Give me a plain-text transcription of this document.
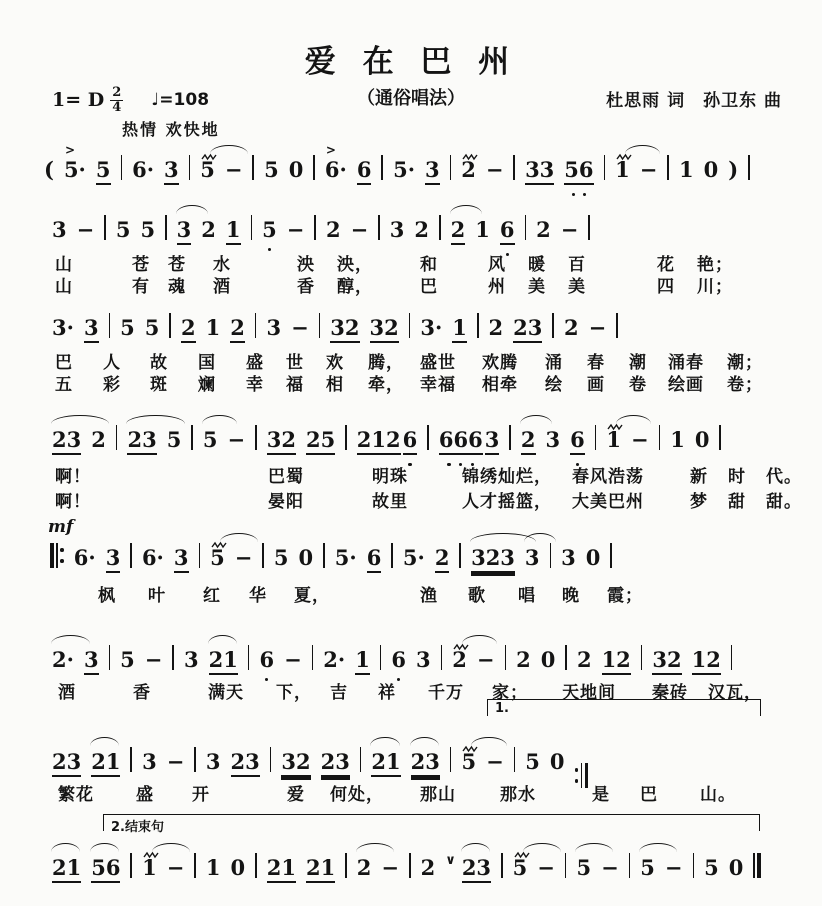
爱 在 巴 州
（通俗唱法）	杜思雨 词　孙卫东 曲
1= D $\frac{2}{4}$ ♩=108
热情 欢快地
( 5·
>
5 6· 3 5 − 5 0 6·
>
6 5· 3 2 − 33 56 1 − 1 0 )
3 − 5 5 3 2 1 5 − 2 − 3 2 2 1 6 2 −
山	苍 苍 水	泱 泱，	和	风 暖 百	花 艳；
山	有 魂 酒	香 醇，	巴	州 美 美	四 川；
3· 3 5 5 2 1 2 3 − 32 32 3· 1 2 23 2 −
巴 人 故 国 盛 世 欢 腾， 盛世 欢腾 涌 春 潮 涌春 潮；
五 彩 斑 斓 幸 福 相 牵， 幸福 相牵 绘 画 卷 绘画 卷；
23 2 23 5 5 − 32 25 2126 666
3 2 3 6 1 − 1 0
啊！	巴蜀	明珠	锦绣灿烂， 春风浩荡	新 时 代。
啊！	晏阳	故里	人才摇篮， 大美巴州	梦 甜 甜。
mf
6· 3 6· 3 5 − 5 0 5· 6 5· 2 323 3 3 0
枫 叶 红 华 夏，	渔 歌 唱 晚 霞；
2· 3 5 − 3 21 6 − 2· 1 6 3 2 − 2 0 2 12 32 12
酒	香	满天 下， 吉 祥 千万 家； 天地间 秦砖 汉瓦，
23 21 3 − 3 23 32 23 21 23 5 − 5 0
繁花 盛 开	爱 何处， 那山	那水	是 巴 山。
21 56 1 − 1 0 21 21 2 − 2 ∨ 23 5 − 5 − 5 − 5 0
1.
2.结束句
